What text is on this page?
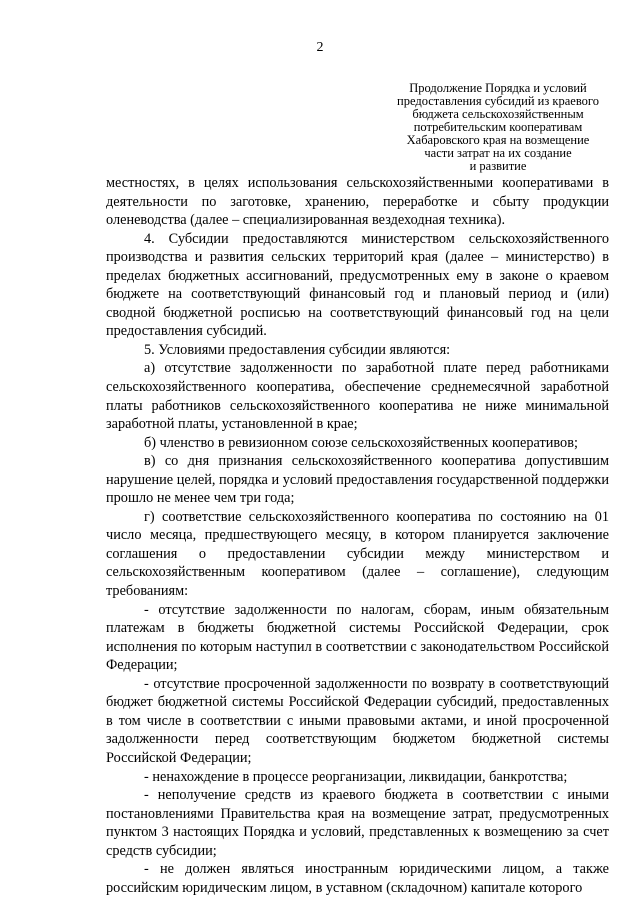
2
Продолжение Порядка и условий
предоставления субсидий из краевого
бюджета сельскохозяйственным
потребительским кооперативам
Хабаровского края на возмещение
части затрат на их создание
и развитие

местностях, в целях использования сельскохозяйственными кооперативами в деятельности по заготовке, хранению, переработке и сбыту продукции оленеводства (далее – специализированная вездеходная техника).

4. Субсидии предоставляются министерством сельскохозяйственного производства и развития сельских территорий края (далее – министерство) в пределах бюджетных ассигнований, предусмотренных ему в законе о краевом бюджете на соответствующий финансовый год и плановый период и (или) сводной бюджетной росписью на соответствующий финансовый год на цели предоставления субсидий.

5. Условиями предоставления субсидии являются:

а) отсутствие задолженности по заработной плате перед работниками сельскохозяйственного кооператива, обеспечение среднемесячной заработной платы работников сельскохозяйственного кооператива не ниже минимальной заработной платы, установленной в крае;

б) членство в ревизионном союзе сельскохозяйственных кооперативов;

в) со дня признания сельскохозяйственного кооператива допустившим нарушение целей, порядка и условий предоставления государственной поддержки прошло не менее чем три года;

г) соответствие сельскохозяйственного кооператива по состоянию на 01 число месяца, предшествующего месяцу, в котором планируется заключение соглашения о предоставлении субсидии между министерством и сельскохозяйственным кооперативом (далее – соглашение), следующим требованиям:

- отсутствие задолженности по налогам, сборам, иным обязательным платежам в бюджеты бюджетной системы Российской Федерации, срок исполнения по которым наступил в соответствии с законодательством Российской Федерации;

- отсутствие просроченной задолженности по возврату в соответствующий бюджет бюджетной системы Российской Федерации субсидий, предоставленных в том числе в соответствии с иными правовыми актами, и иной просроченной задолженности перед соответствующим бюджетом бюджетной системы Российской Федерации;

- ненахождение в процессе реорганизации, ликвидации, банкротства;

- неполучение средств из краевого бюджета в соответствии с иными постановлениями Правительства края на возмещение затрат, предусмотренных пунктом 3 настоящих Порядка и условий, представленных к возмещению за счет средств субсидии;

- не должен являться иностранным юридическими лицом, а также российским юридическим лицом, в уставном (складочном) капитале которого
